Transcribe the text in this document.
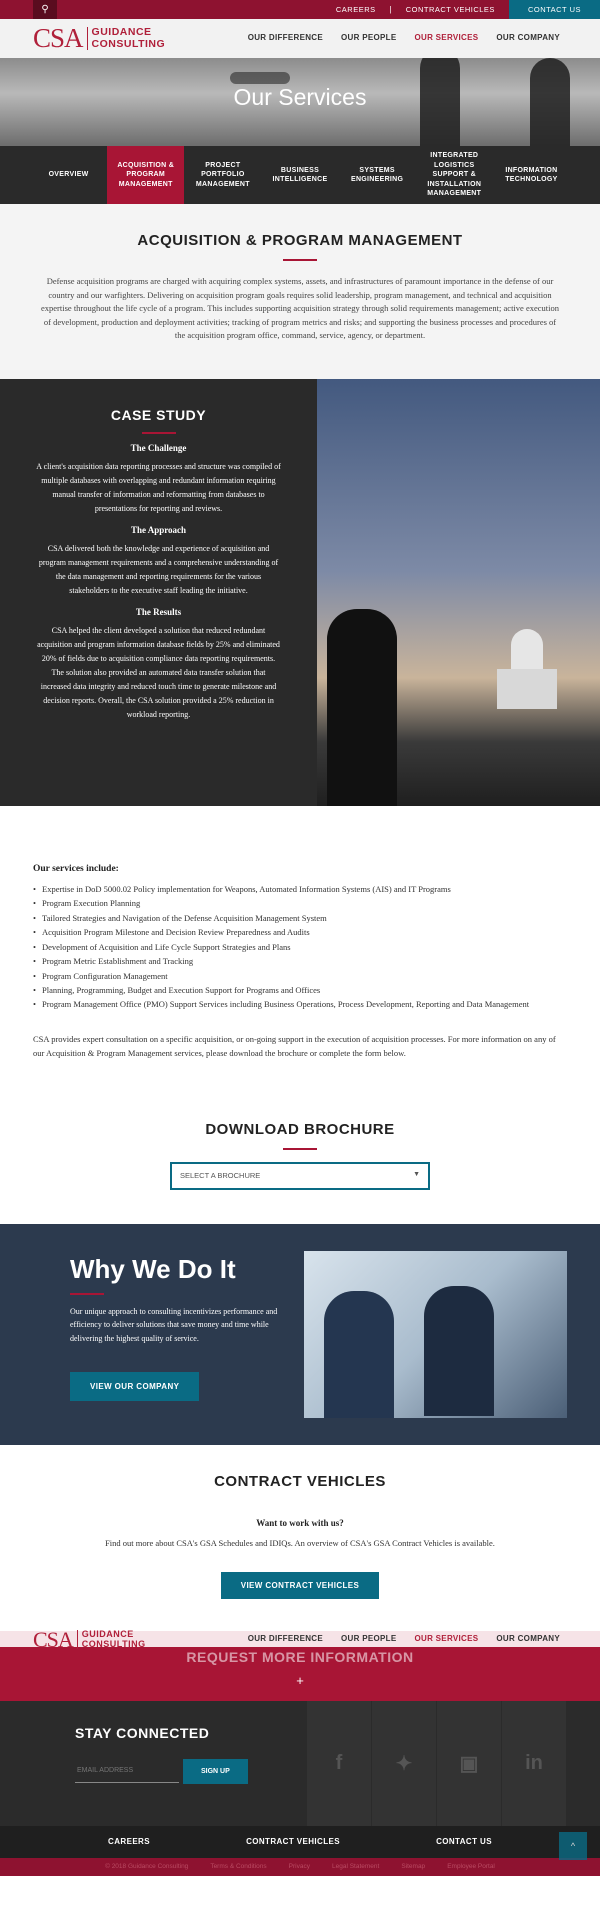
⚲	CAREERS	|	CONTRACT VEHICLES	CONTACT US
CSA GUIDANCE
CONSULTING	OUR DIFFERENCE OUR PEOPLE OUR SERVICES OUR COMPANY
Our Services
OVERVIEW
ACQUISITION & PROGRAM MANAGEMENT
PROJECT PORTFOLIO MANAGEMENT
BUSINESS INTELLIGENCE
SYSTEMS ENGINEERING
INTEGRATED LOGISTICS SUPPORT & INSTALLATION MANAGEMENT
INFORMATION TECHNOLOGY
ACQUISITION & PROGRAM MANAGEMENT

Defense acquisition programs are charged with acquiring complex systems, assets, and infrastructures of paramount importance in the defense of our country and our warfighters. Delivering on acquisition program goals requires solid leadership, program management, and technical and acquisition expertise throughout the life cycle of a program. This includes supporting acquisition strategy through solid requirements management; active execution of development, production and deployment activities; tracking of program metrics and risks; and supporting the business processes and procedures of the acquisition program office, command, service, agency, or department.

CASE STUDY
The Challenge

A client's acquisition data reporting processes and structure was compiled of multiple databases with overlapping and redundant information requiring manual transfer of information and reformatting from databases to presentations for reporting and reviews.

The Approach

CSA delivered both the knowledge and experience of acquisition and program management requirements and a comprehensive understanding of the data management and reporting requirements for the various stakeholders to the executive staff leading the initiative.

The Results

CSA helped the client developed a solution that reduced redundant acquisition and program information database fields by 25% and eliminated 20% of fields due to acquisition compliance data reporting requirements. The solution also provided an automated data transfer solution that increased data integrity and reduced touch time to generate milestone and decision reports. Overall, the CSA solution provided a 25% reduction in workload reporting.

Our services include:
• Expertise in DoD 5000.02 Policy implementation for Weapons, Automated Information Systems (AIS) and IT Programs
• Program Execution Planning
• Tailored Strategies and Navigation of the Defense Acquisition Management System
• Acquisition Program Milestone and Decision Review Preparedness and Audits
• Development of Acquisition and Life Cycle Support Strategies and Plans
• Program Metric Establishment and Tracking
• Program Configuration Management
• Planning, Programming, Budget and Execution Support for Programs and Offices
• Program Management Office (PMO) Support Services including Business Operations, Process Development, Reporting and Data Management

CSA provides expert consultation on a specific acquisition, or on-going support in the execution of acquisition processes. For more information on any of our Acquisition & Program Management services, please download the brochure or complete the form below.

DOWNLOAD BROCHURE
SELECT A BROCHURE	▼
Why We Do It

Our unique approach to consulting incentivizes performance and efficiency to deliver solutions that save money and time while delivering the highest quality of service.

VIEW OUR COMPANY
CONTRACT VEHICLES
Want to work with us?

Find out more about CSA's GSA Schedules and IDIQs. An overview of CSA's GSA Contract Vehicles is available.

VIEW CONTRACT VEHICLES
CSA	GUIDANCE
CONSULTING
OUR DIFFERENCE OUR PEOPLE OUR SERVICES OUR COMPANY
REQUEST MORE INFORMATION
+
STAY CONNECTED
Email Address
SIGN UP	f	✦	▣	in
CAREERS	CONTRACT VEHICLES	CONTACT US	^
© 2018 Guidance Consulting	Terms & Conditions	Privacy	Legal Statement	Sitemap	Employee Portal
